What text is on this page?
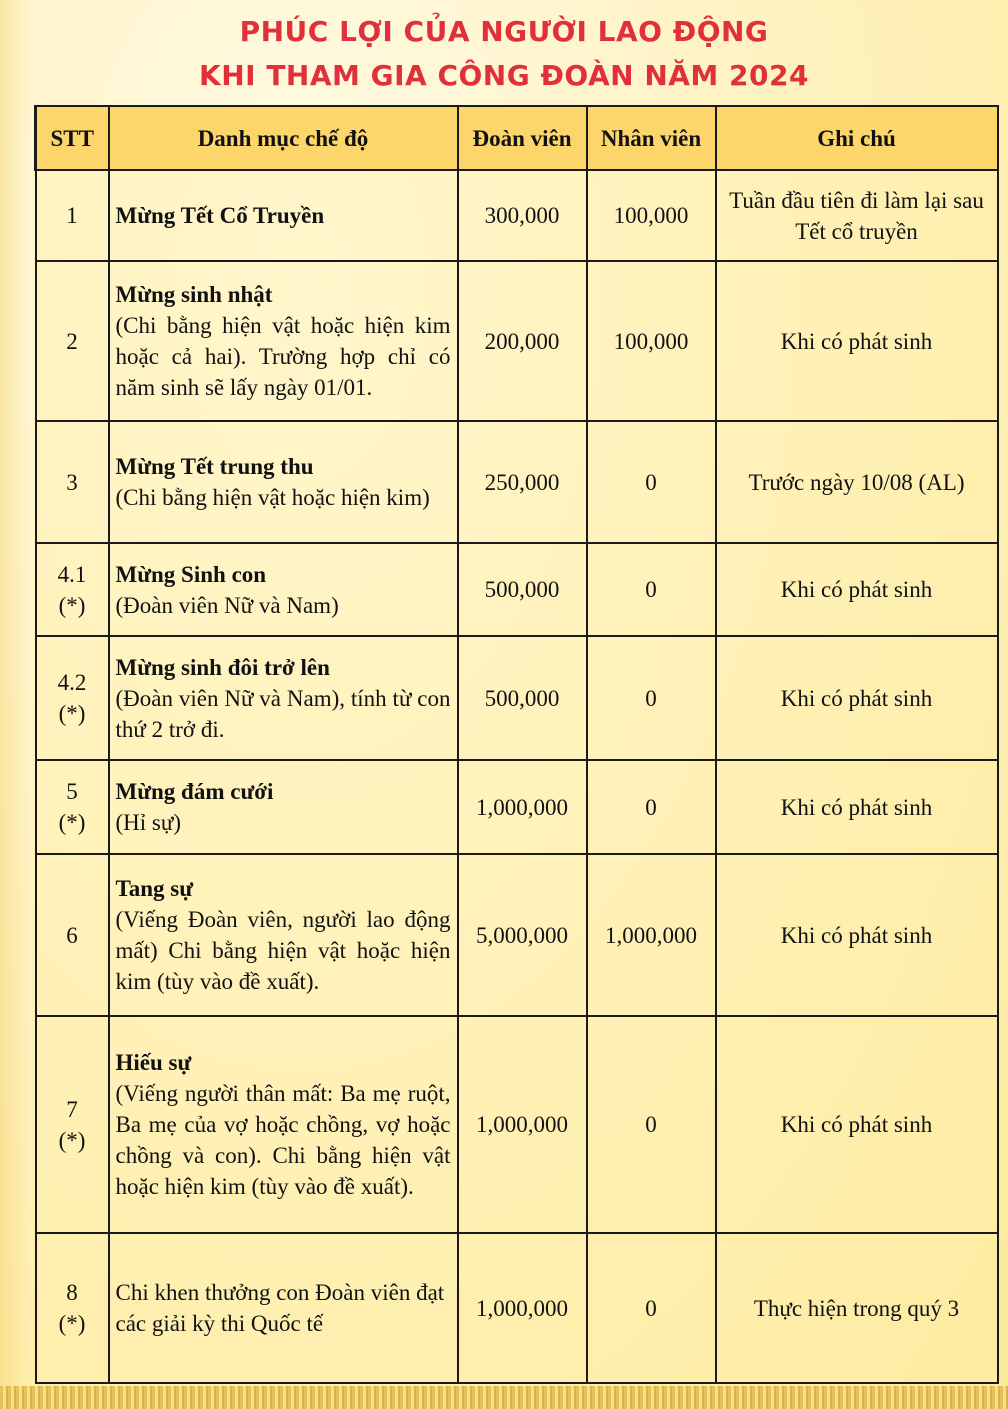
PHÚC LỢI CỦA NGƯỜI LAO ĐỘNG
KHI THAM GIA CÔNG ĐOÀN NĂM 2024
STT	Danh mục chế độ	Đoàn viên	Nhân viên	Ghi chú

1	Mừng Tết Cổ Truyền	300,000	100,000	Tuần đầu tiên đi làm lại sau Tết cổ truyền

2	Mừng sinh nhật
(Chi bằng hiện vật hoặc hiện kim hoặc cả hai). Trường hợp chỉ có năm sinh sẽ lấy ngày 01/01.	200,000	100,000	Khi có phát sinh

3	Mừng Tết trung thu
(Chi bằng hiện vật hoặc hiện kim)	250,000	0	Trước ngày 10/08 (AL)

4.1
(*)	Mừng Sinh con
(Đoàn viên Nữ và Nam)	500,000	0	Khi có phát sinh

4.2
(*)	Mừng sinh đôi trở lên
(Đoàn viên Nữ và Nam), tính từ con thứ 2 trở đi.	500,000	0	Khi có phát sinh

5
(*)	Mừng đám cưới
(Hỉ sự)	1,000,000	0	Khi có phát sinh

6	Tang sự
(Viếng Đoàn viên, người lao động mất) Chi bằng hiện vật hoặc hiện kim (tùy vào đề xuất).	5,000,000	1,000,000	Khi có phát sinh

7
(*)	Hiếu sự
(Viếng người thân mất: Ba mẹ ruột, Ba mẹ của vợ hoặc chồng, vợ hoặc chồng và con). Chi bằng hiện vật hoặc hiện kim (tùy vào đề xuất).	1,000,000	0	Khi có phát sinh

8
(*)	Chi khen thưởng con Đoàn viên đạt các giải kỳ thi Quốc tế	1,000,000	0	Thực hiện trong quý 3
